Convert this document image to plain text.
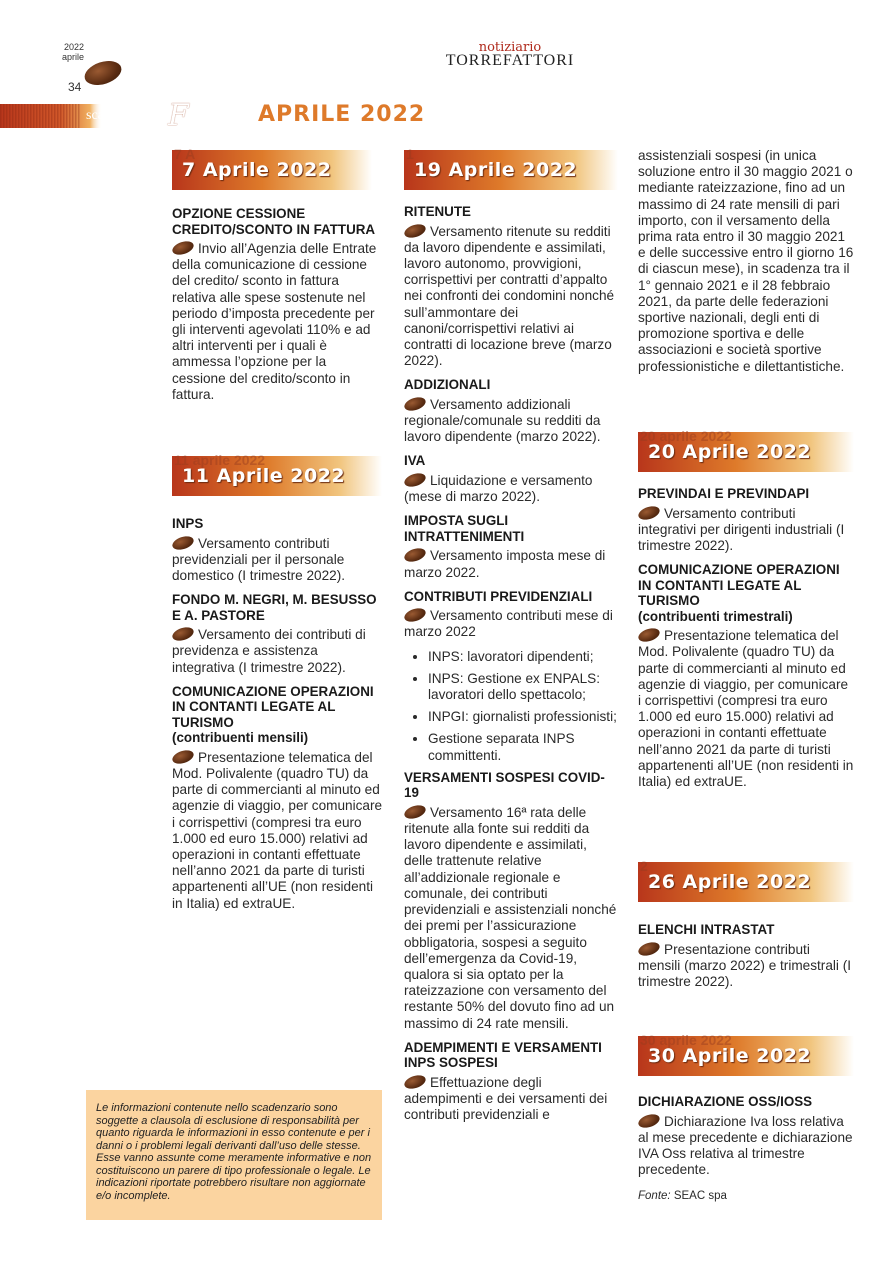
2022
aprile
34
notiziario
TORREFATTORI
scadenzario F iscale · APRILE 2022
7 A
7 Aprile 2022

OPZIONE CESSIONE CREDITO/SCONTO IN FATTURA

Invio all’Agenzia delle Entrate della comunicazione di cessione del credito/ sconto in fattura relativa alle spese sostenute nel periodo d’imposta precedente per gli interventi agevolati 110% e ad altri interventi per i quali è ammessa l’opzione per la cessione del credito/sconto in fattura.

11 aprile 2022
11 Aprile 2022

INPS

Versamento contributi previdenziali per il personale domestico (I trimestre 2022).

FONDO M. NEGRI, M. BESUSSO E A. PASTORE

Versamento dei contributi di previdenza e assistenza integrativa (I trimestre 2022).

COMUNICAZIONE OPERAZIONI IN CONTANTI LEGATE AL TURISMO

(contribuenti mensili)

Presentazione telematica del Mod. Polivalente (quadro TU) da parte di commercianti al minuto ed agenzie di viaggio, per comunicare i corrispettivi (compresi tra euro 1.000 ed euro 15.000) relativi ad operazioni in contanti effettuate nell’anno 2021 da parte di turisti appartenenti all’UE (non residenti in Italia) ed extraUE.

Le informazioni contenute nello scadenzario sono soggette a clausola di esclusione di responsabilità per quanto riguarda le informazioni in esso contenute e per i danni o i problemi legali derivanti dall’uso delle stesse. Esse vanno assunte come meramente informative e non costituiscono un parere di tipo professionale o legale. Le indicazioni riportate potrebbero risultare non aggiornate e/o incomplete.
1
19 Aprile 2022

RITENUTE

Versamento ritenute su redditi da lavoro dipendente e assimilati, lavoro autonomo, provvigioni, corrispettivi per contratti d’appalto nei confronti dei condomini nonché sull’ammontare dei canoni/corrispettivi relativi ai contratti di locazione breve (marzo 2022).

ADDIZIONALI

Versamento addizionali regionale/comunale su redditi da lavoro dipendente (marzo 2022).

IVA

Liquidazione e versamento (mese di marzo 2022).

IMPOSTA SUGLI INTRATTENIMENTI

Versamento imposta mese di marzo 2022.

CONTRIBUTI PREVIDENZIALI

Versamento contributi mese di marzo 2022

• INPS: lavoratori dipendenti;
• INPS: Gestione ex ENPALS: lavoratori dello spettacolo;
• INPGI: giornalisti professionisti;
• Gestione separata INPS committenti.

VERSAMENTI SOSPESI COVID-19

Versamento 16ª rata delle ritenute alla fonte sui redditi da lavoro dipendente e assimilati, delle trattenute relative all’addizionale regionale e comunale, dei contributi previdenziali e assistenziali nonché dei premi per l’assicurazione obbligatoria, sospesi a seguito dell’emergenza da Covid-19, qualora si sia optato per la rateizzazione con versamento del restante 50% del dovuto fino ad un massimo di 24 rate mensili.

ADEMPIMENTI E VERSAMENTI INPS SOSPESI

Effettuazione degli adempimenti e dei versamenti dei contributi previdenziali e

assistenziali sospesi (in unica soluzione entro il 30 maggio 2021 o mediante rateizzazione, fino ad un massimo di 24 rate mensili di pari importo, con il versamento della prima rata entro il 30 maggio 2021 e delle successive entro il giorno 16 di ciascun mese), in scadenza tra il 1° gennaio 2021 e il 28 febbraio 2021, da parte delle federazioni sportive nazionali, degli enti di promozione sportiva e delle associazioni e società sportive professionistiche e dilettantistiche.

20 aprile 2022
20 Aprile 2022

PREVINDAI E PREVINDAPI

Versamento contributi integrativi per dirigenti industriali (I trimestre 2022).

COMUNICAZIONE OPERAZIONI IN CONTANTI LEGATE AL TURISMO

(contribuenti trimestrali)

Presentazione telematica del Mod. Polivalente (quadro TU) da parte di commercianti al minuto ed agenzie di viaggio, per comunicare i corrispettivi (compresi tra euro 1.000 ed euro 15.000) relativi ad operazioni in contanti effettuate nell’anno 2021 da parte di turisti appartenenti all’UE (non residenti in Italia) ed extraUE.

2
26 Aprile 2022

ELENCHI INTRASTAT

Presentazione contributi mensili (marzo 2022) e trimestrali (I trimestre 2022).

30 aprile 2022
30 Aprile 2022

DICHIARAZIONE OSS/IOSS

Dichiarazione Iva loss relativa al mese precedente e dichiarazione IVA Oss relativa al trimestre precedente.

Fonte: SEAC spa
